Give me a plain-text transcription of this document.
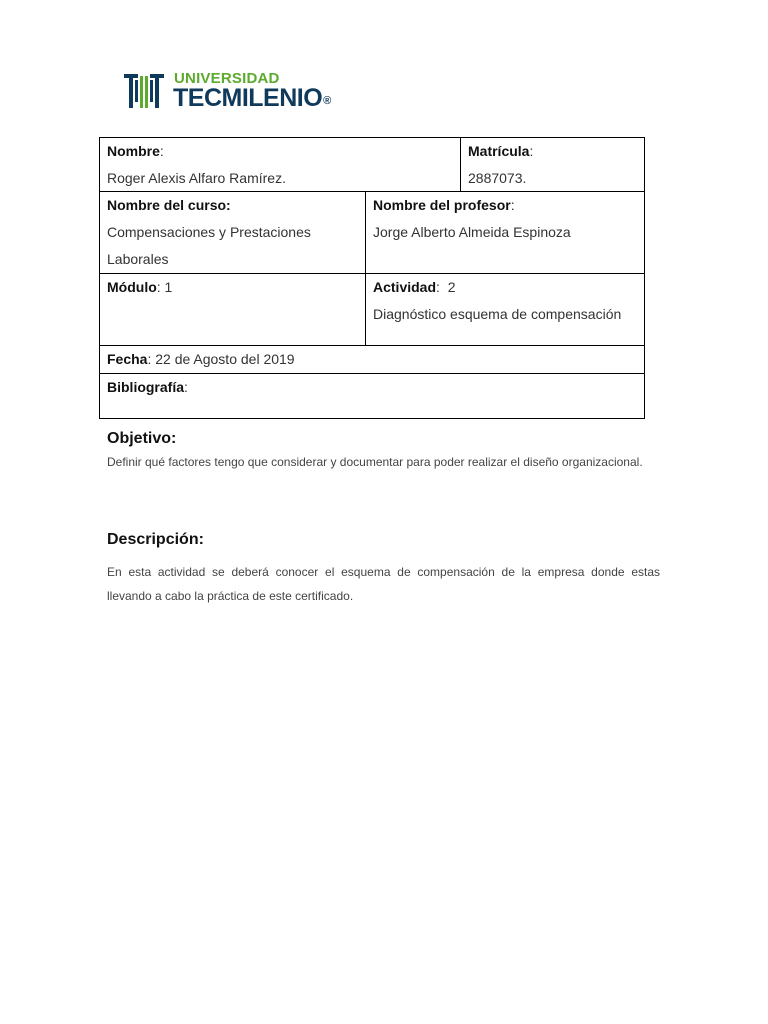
UNIVERSIDAD
TECMILENIO®
Nombre:
Roger Alexis Alfaro Ramírez.		Matrícula:
2887073.

Nombre del curso:
Compensaciones y Prestaciones Laborales	Nombre del profesor:
Jorge Alberto Almeida Espinoza	
Módulo: 1	Actividad:  2
Diagnóstico esquema de compensación	
Fecha: 22 de Agosto del 2019		
Bibliografía:		
Objetivo:
Definir qué factores tengo que considerar y documentar para poder realizar el diseño organizacional.
Descripción:
En esta actividad se deberá conocer el esquema de compensación de la empresa donde estas llevando a cabo la práctica de este certificado.
